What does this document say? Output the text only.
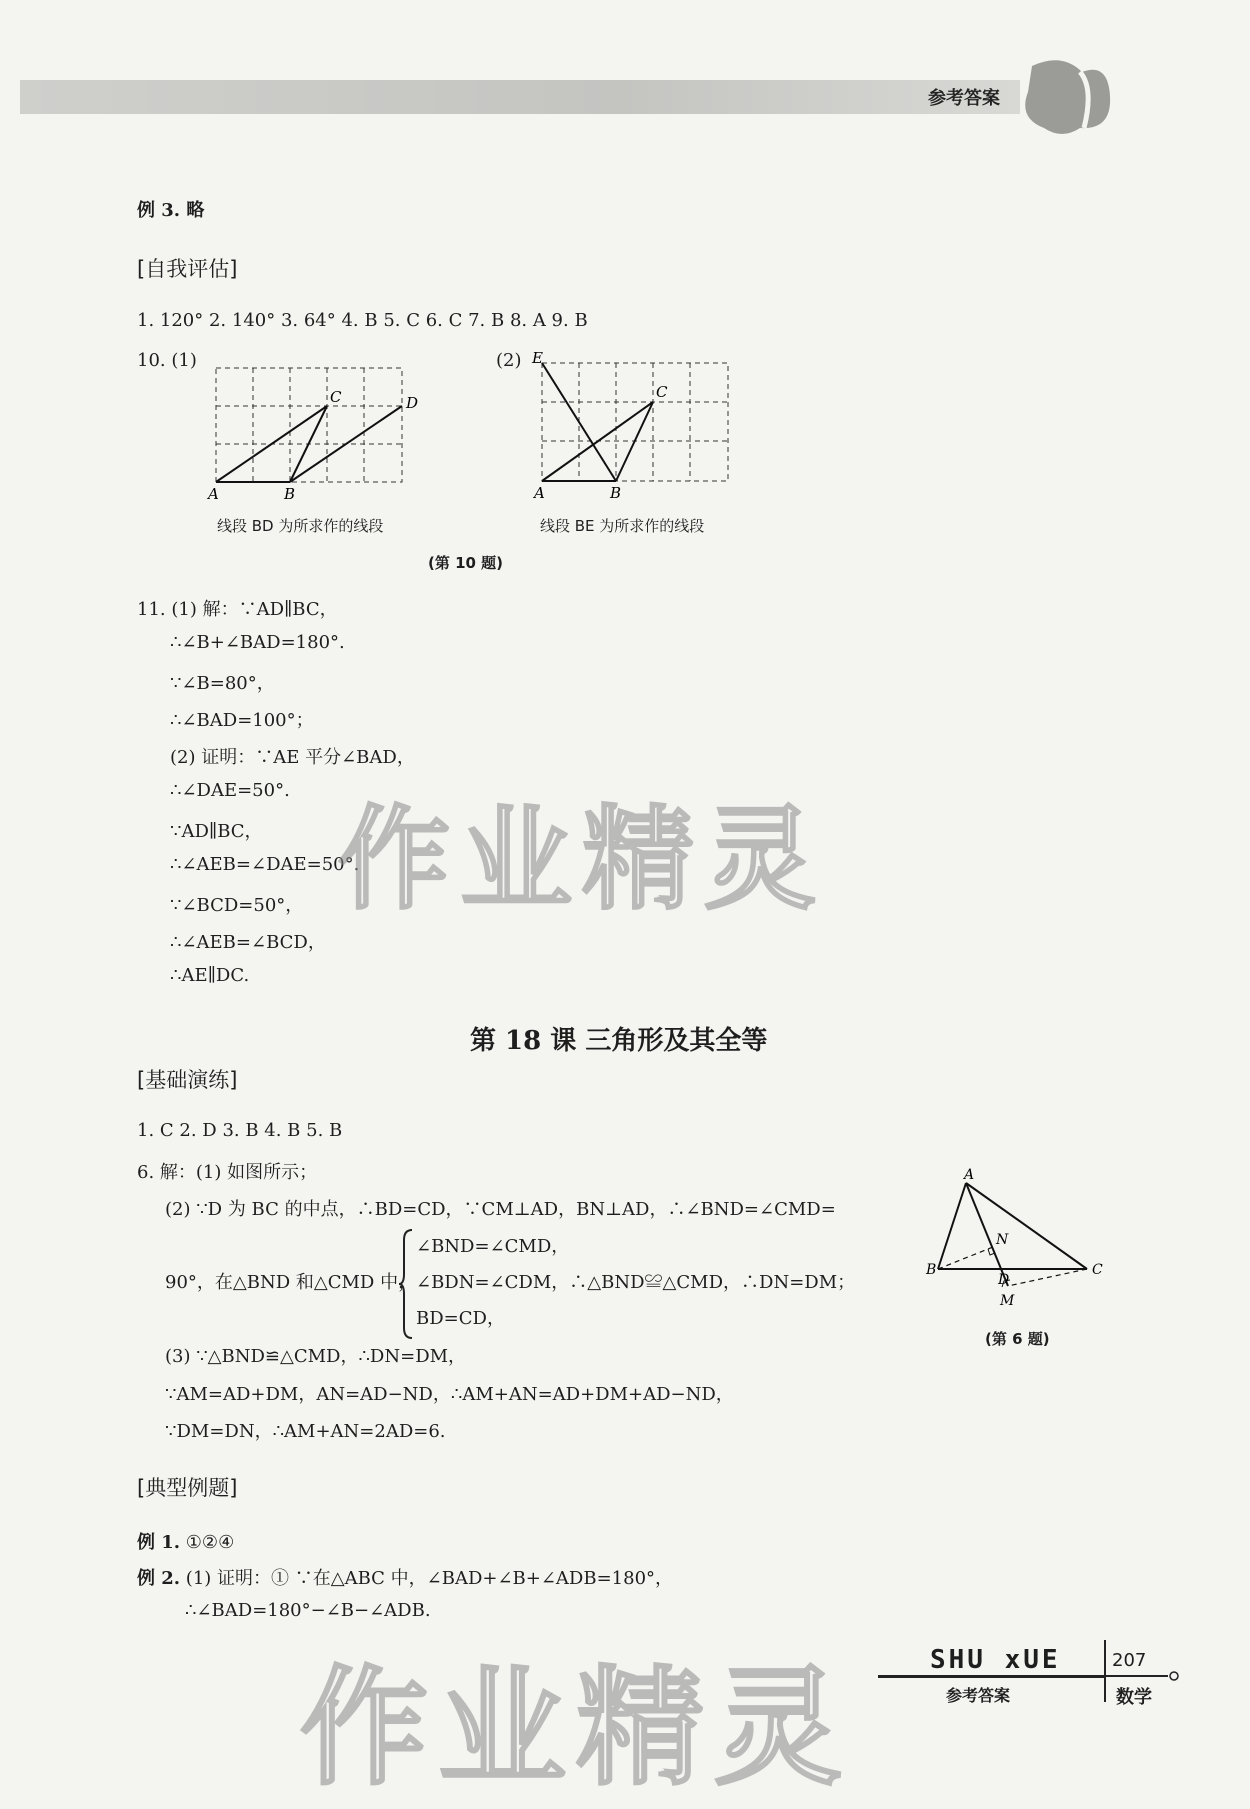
参考答案
例 3. 略
[自我评估]
1. 120° 2. 140° 3. 64° 4. B 5. C 6. C 7. B 8. A 9. B
10. (1)	(2)
A	B
C	D
A	B
C
E
线段 BD 为所求作的线段	线段 BE 为所求作的线段
(第 10 题)
11. (1) 解：∵AD∥BC，
∴∠B+∠BAD=180°.
∵∠B=80°，
∴∠BAD=100°；
(2) 证明：∵AE 平分∠BAD，
∴∠DAE=50°.
∵AD∥BC，
∴∠AEB=∠DAE=50°.
∵∠BCD=50°，
∴∠AEB=∠BCD，
∴AE∥DC.
第 18 课 三角形及其全等
[基础演练]
1. C 2. D 3. B 4. B 5. B
6. 解：(1) 如图所示；
(2) ∵D 为 BC 的中点，∴BD=CD，∵CM⊥AD，BN⊥AD，∴∠BND=∠CMD=
90°，在△BND 和△CMD 中，
∠BND=∠CMD，
∠BDN=∠CDM，∴△BND≌△CMD，∴DN=DM；
BD=CD，
(3) ∵△BND≌△CMD，∴DN=DM，
∵AM=AD+DM，AN=AD−ND，∴AM+AN=AD+DM+AD−ND，
∵DM=DN，∴AM+AN=2AD=6.
A
N
B
D
C
M
(第 6 题)
[典型例题]
例 1. ①②④
例 2. (1) 证明：① ∵在△ABC 中，∠BAD+∠B+∠ADB=180°，
∴∠BAD=180°−∠B−∠ADB.
作业精灵
作业精灵	SHU xUE	207
参考答案	数学
